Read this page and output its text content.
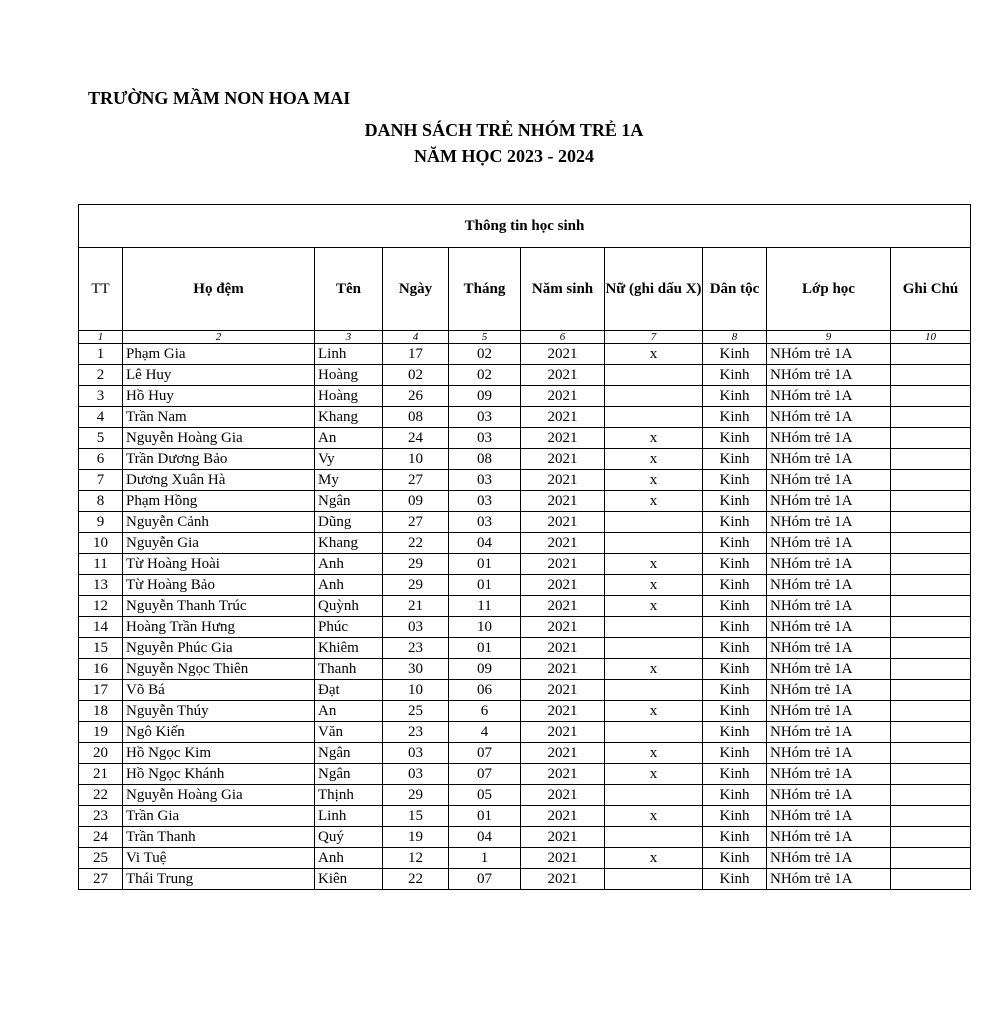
TRƯỜNG MẦM NON HOA MAI
DANH SÁCH TRẺ NHÓM TRẺ 1A
NĂM HỌC 2023 - 2024
Thông tin học sinh									
TT	Họ đệm	Tên	Ngày	Tháng	Năm sinh	Nữ (ghi dấu X)	Dân tộc	Lớp học	Ghi Chú
1	2	3	4	5	6	7	8	9	10
1	Phạm Gia	Linh	17	02	2021	x	Kinh	NHóm trẻ 1A	
2	Lê Huy	Hoàng	02	02	2021		Kinh	NHóm trẻ 1A	
3	Hồ Huy	Hoàng	26	09	2021		Kinh	NHóm trẻ 1A	
4	Trần Nam	Khang	08	03	2021		Kinh	NHóm trẻ 1A	
5	Nguyễn Hoàng Gia	An	24	03	2021	x	Kinh	NHóm trẻ 1A	
6	Trần Dương Bảo	Vy	10	08	2021	x	Kinh	NHóm trẻ 1A	
7	Dương Xuân Hà	My	27	03	2021	x	Kinh	NHóm trẻ 1A	
8	Phạm Hồng	Ngân	09	03	2021	x	Kinh	NHóm trẻ 1A	
9	Nguyễn Cảnh	Dũng	27	03	2021		Kinh	NHóm trẻ 1A	
10	Nguyễn Gia	Khang	22	04	2021		Kinh	NHóm trẻ 1A	
11	Từ Hoàng Hoài	Anh	29	01	2021	x	Kinh	NHóm trẻ 1A	
13	Từ Hoàng Bảo	Anh	29	01	2021	x	Kinh	NHóm trẻ 1A	
12	Nguyễn Thanh Trúc	Quỳnh	21	11	2021	x	Kinh	NHóm trẻ 1A	
14	Hoàng Trần Hưng	Phúc	03	10	2021		Kinh	NHóm trẻ 1A	
15	Nguyễn Phúc Gia	Khiêm	23	01	2021		Kinh	NHóm trẻ 1A	
16	Nguyễn Ngọc Thiên	Thanh	30	09	2021	x	Kinh	NHóm trẻ 1A	
17	Võ Bá	Đạt	10	06	2021		Kinh	NHóm trẻ 1A	
18	Nguyễn Thúy	An	25	6	2021	x	Kinh	NHóm trẻ 1A	
19	Ngô Kiến	Văn	23	4	2021		Kinh	NHóm trẻ 1A	
20	Hồ Ngọc Kim	Ngân	03	07	2021	x	Kinh	NHóm trẻ 1A	
21	Hồ Ngọc Khánh	Ngân	03	07	2021	x	Kinh	NHóm trẻ 1A	
22	Nguyễn Hoàng Gia	Thịnh	29	05	2021		Kinh	NHóm trẻ 1A	
23	Trần Gia	Linh	15	01	2021	x	Kinh	NHóm trẻ 1A	
24	Trần Thanh	Quý	19	04	2021		Kinh	NHóm trẻ 1A	
25	Vi Tuệ	Anh	12	1	2021	x	Kinh	NHóm trẻ 1A	
27	Thái Trung	Kiên	22	07	2021		Kinh	NHóm trẻ 1A	
